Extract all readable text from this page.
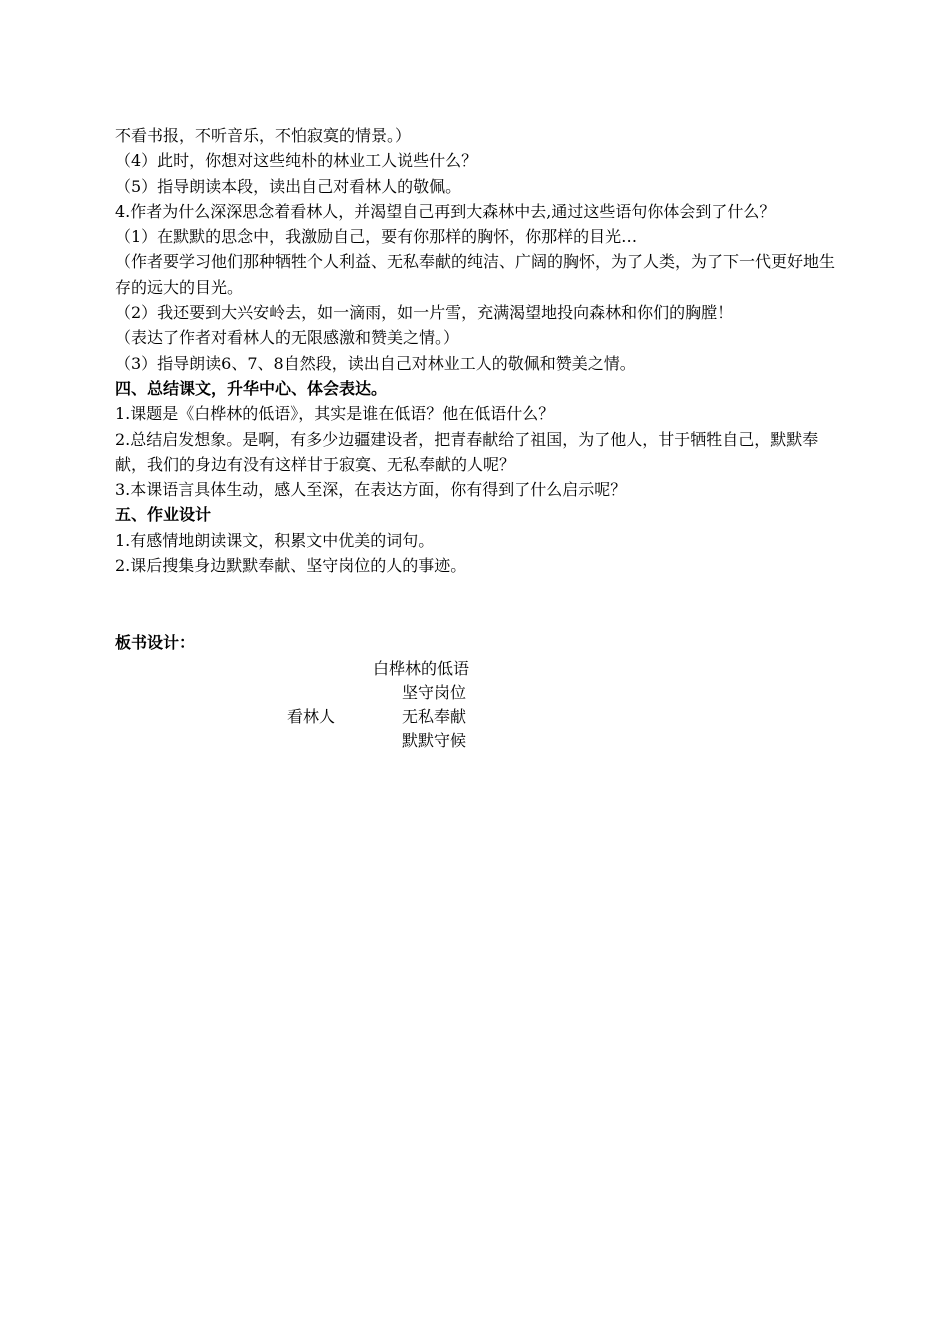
不看书报，不听音乐，不怕寂寞的情景。）

（4）此时，你想对这些纯朴的林业工人说些什么？

（5）指导朗读本段，读出自己对看林人的敬佩。

4.作者为什么深深思念着看林人，并渴望自己再到大森林中去,通过这些语句你体会到了什么？

（1）在默默的思念中，我激励自己，要有你那样的胸怀，你那样的目光…

（作者要学习他们那种牺牲个人利益、无私奉献的纯洁、广阔的胸怀，为了人类，为了下一代更好地生存的远大的目光。

（2）我还要到大兴安岭去，如一滴雨，如一片雪，充满渴望地投向森林和你们的胸膛！

（表达了作者对看林人的无限感激和赞美之情。）

（3）指导朗读6、7、8自然段，读出自己对林业工人的敬佩和赞美之情。

四、总结课文，升华中心、体会表达。

1.课题是《白桦林的低语》，其实是谁在低语？他在低语什么？

2.总结启发想象。是啊，有多少边疆建设者，把青春献给了祖国，为了他人，甘于牺牲自己，默默奉献，我们的身边有没有这样甘于寂寞、无私奉献的人呢？

3.本课语言具体生动，感人至深，在表达方面，你有得到了什么启示呢？

五、作业设计

1.有感情地朗读课文，积累文中优美的词句。

2.课后搜集身边默默奉献、坚守岗位的人的事迹。

板书设计：

白桦林的低语
看林人
坚守岗位
无私奉献
默默守候
